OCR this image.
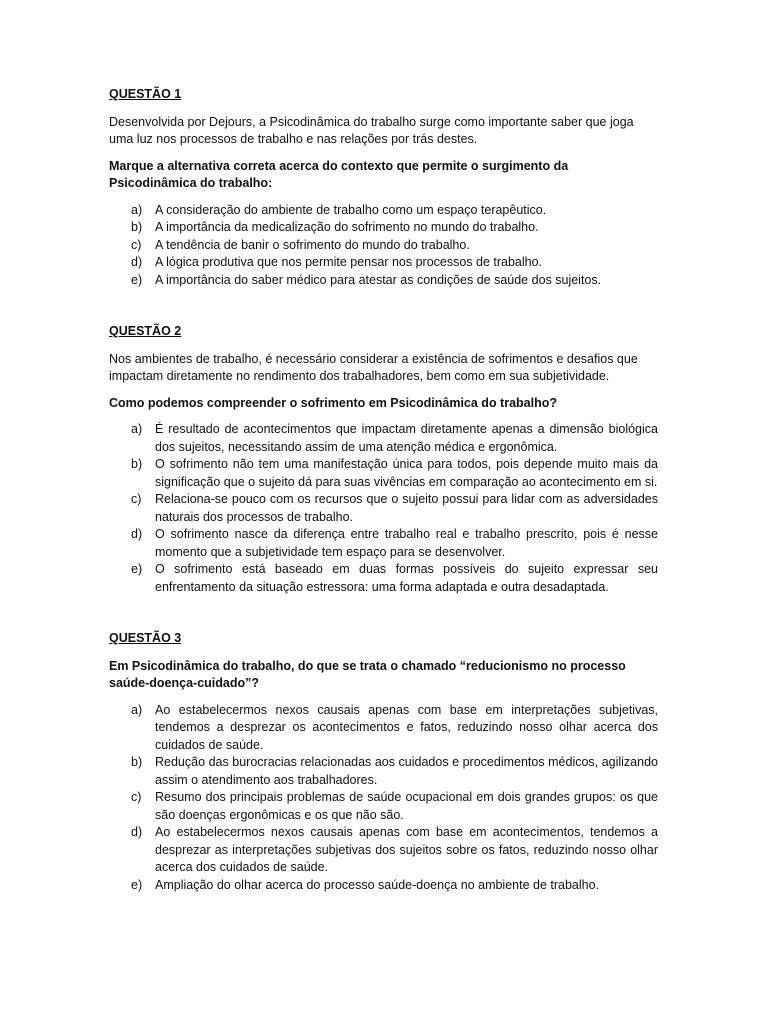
QUESTÃO 1

Desenvolvida por Dejours, a Psicodinâmica do trabalho surge como importante saber que joga uma luz nos processos de trabalho e nas relações por trás destes.

Marque a alternativa correta acerca do contexto que permite o surgimento da Psicodinâmica do trabalho:

a)	A consideração do ambiente de trabalho como um espaço terapêutico.
b)	A importância da medicalização do sofrimento no mundo do trabalho.
c)	A tendência de banir o sofrimento do mundo do trabalho.
d)	A lógica produtiva que nos permite pensar nos processos de trabalho.
e)	A importância do saber médico para atestar as condições de saúde dos sujeitos.
QUESTÃO 2

Nos ambientes de trabalho, é necessário considerar a existência de sofrimentos e desafios que impactam diretamente no rendimento dos trabalhadores, bem como em sua subjetividade.

Como podemos compreender o sofrimento em Psicodinâmica do trabalho?

a)	É resultado de acontecimentos que impactam diretamente apenas a dimensão biológica dos sujeitos, necessitando assim de uma atenção médica e ergonômica.
b)	O sofrimento não tem uma manifestação única para todos, pois depende muito mais da significação que o sujeito dá para suas vivências em comparação ao acontecimento em si.
c)	Relaciona-se pouco com os recursos que o sujeito possui para lidar com as adversidades naturais dos processos de trabalho.
d)	O sofrimento nasce da diferença entre trabalho real e trabalho prescrito, pois é nesse momento que a subjetividade tem espaço para se desenvolver.
e)	O sofrimento está baseado em duas formas possíveis do sujeito expressar seu enfrentamento da situação estressora: uma forma adaptada e outra desadaptada.
QUESTÃO 3

Em Psicodinâmica do trabalho, do que se trata o chamado “reducionismo no processo saúde-doença-cuidado”?

a)	Ao estabelecermos nexos causais apenas com base em interpretações subjetivas, tendemos a desprezar os acontecimentos e fatos, reduzindo nosso olhar acerca dos cuidados de saúde.
b)	Redução das burocracias relacionadas aos cuidados e procedimentos médicos, agilizando assim o atendimento aos trabalhadores.
c)	Resumo dos principais problemas de saúde ocupacional em dois grandes grupos: os que são doenças ergonômicas e os que não são.
d)	Ao estabelecermos nexos causais apenas com base em acontecimentos, tendemos a desprezar as interpretações subjetivas dos sujeitos sobre os fatos, reduzindo nosso olhar acerca dos cuidados de saúde.
e)	Ampliação do olhar acerca do processo saúde-doença no ambiente de trabalho.
